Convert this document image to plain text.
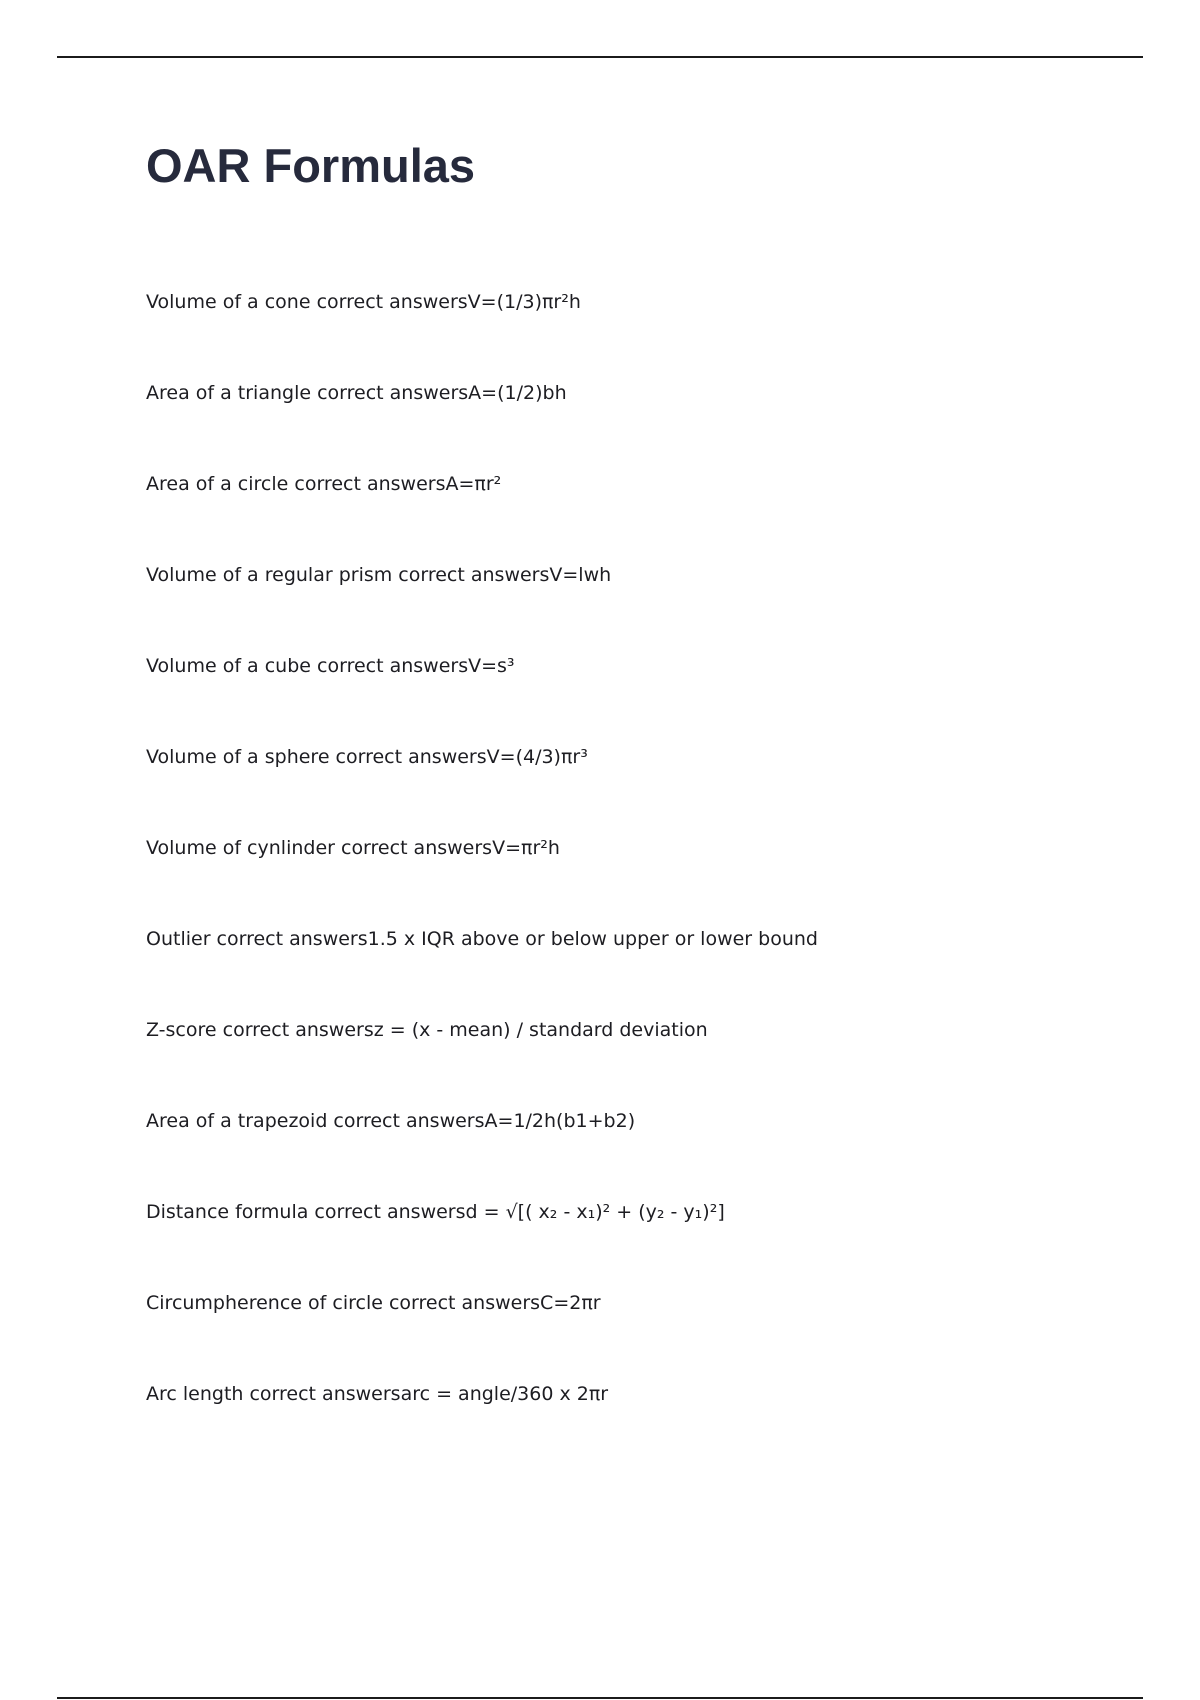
OAR Formulas
Volume of a cone correct answersV=(1/3)πr²h
Area of a triangle correct answersA=(1/2)bh
Area of a circle correct answersA=πr²
Volume of a regular prism correct answersV=lwh
Volume of a cube correct answersV=s³
Volume of a sphere correct answersV=(4/3)πr³
Volume of cynlinder correct answersV=πr²h
Outlier correct answers1.5 x IQR above or below upper or lower bound
Z-score correct answersz = (x - mean) / standard deviation
Area of a trapezoid correct answersA=1/2h(b1+b2)
Distance formula correct answersd = √[( x₂ - x₁)² + (y₂ - y₁)²]
Circumpherence of circle correct answersC=2πr
Arc length correct answersarc = angle/360 x 2πr
